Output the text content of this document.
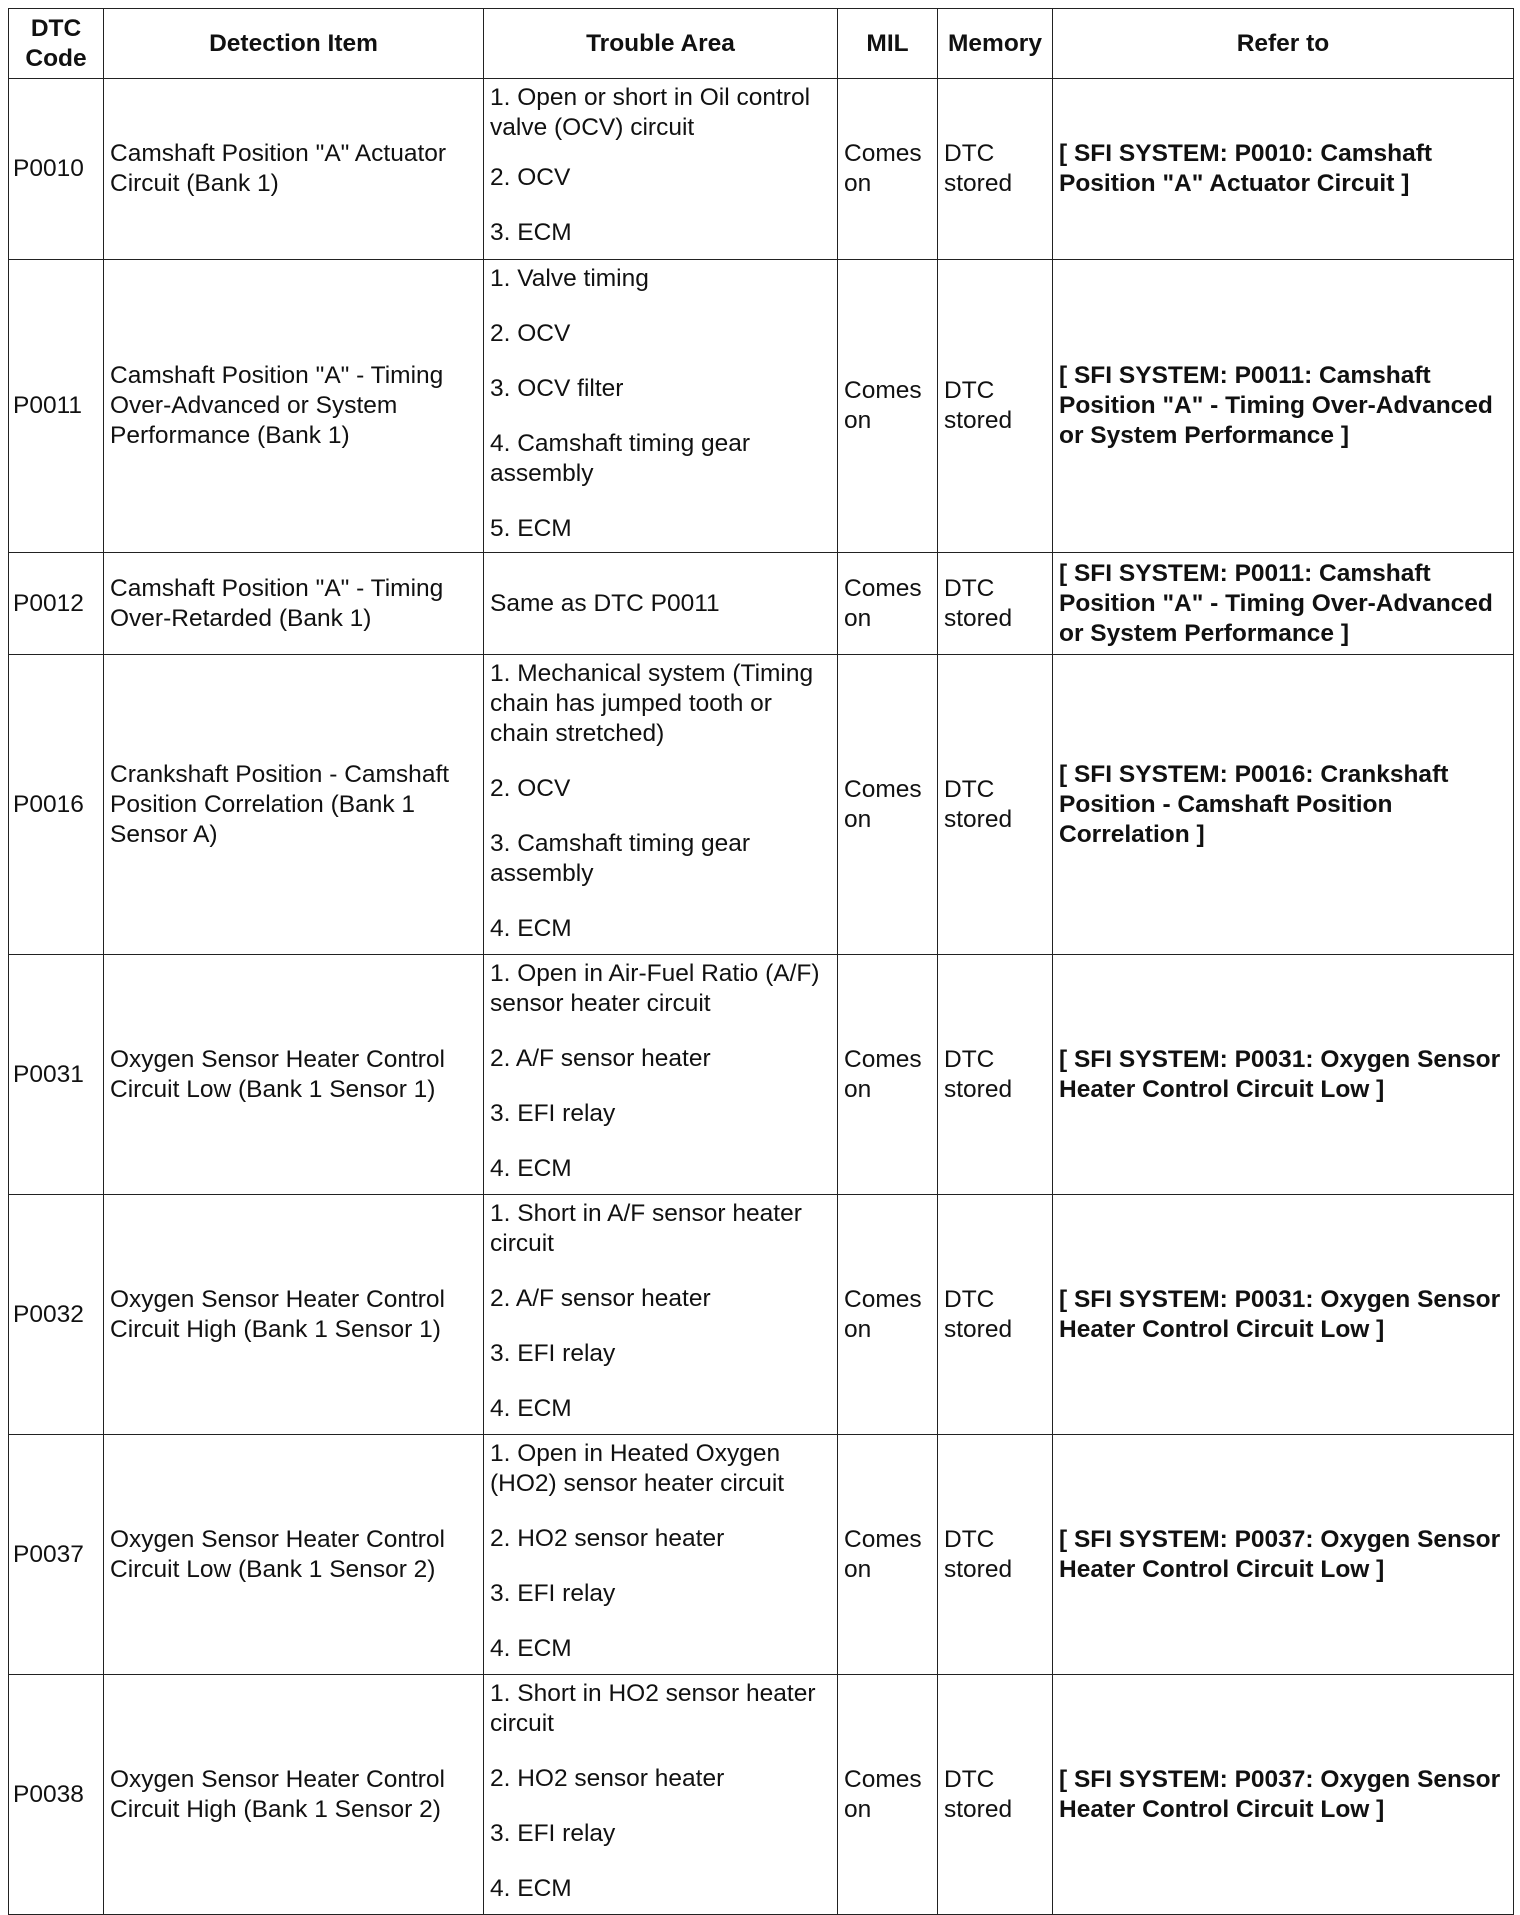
DTC
Code	Detection Item	Trouble Area	MIL	Memory	Refer to
P0010	Camshaft Position "A" Actuator Circuit (Bank 1)	1. Open or short in Oil control valve (OCV) circuit
2. OCV
3. ECM	Comes on	DTC stored	[ SFI SYSTEM: P0010: Camshaft Position "A" Actuator Circuit ]
P0011	Camshaft Position "A" - Timing Over-Advanced or System Performance (Bank 1)	1. Valve timing
2. OCV
3. OCV filter
4. Camshaft timing gear assembly
5. ECM	Comes on	DTC stored	[ SFI SYSTEM: P0011: Camshaft Position "A" - Timing Over-Advanced or System Performance ]
P0012	Camshaft Position "A" - Timing Over-Retarded (Bank 1)	Same as DTC P0011	Comes on	DTC stored	[ SFI SYSTEM: P0011: Camshaft Position "A" - Timing Over-Advanced or System Performance ]
P0016	Crankshaft Position - Camshaft Position Correlation (Bank 1 Sensor A)	1. Mechanical system (Timing chain has jumped tooth or chain stretched)
2. OCV
3. Camshaft timing gear assembly
4. ECM	Comes on	DTC stored	[ SFI SYSTEM: P0016: Crankshaft Position - Camshaft Position Correlation ]
P0031	Oxygen Sensor Heater Control Circuit Low (Bank 1 Sensor 1)	1. Open in Air-Fuel Ratio (A/F) sensor heater circuit
2. A/F sensor heater
3. EFI relay
4. ECM	Comes on	DTC stored	[ SFI SYSTEM: P0031: Oxygen Sensor Heater Control Circuit Low ]
P0032	Oxygen Sensor Heater Control Circuit High (Bank 1 Sensor 1)	1. Short in A/F sensor heater circuit
2. A/F sensor heater
3. EFI relay
4. ECM	Comes on	DTC stored	[ SFI SYSTEM: P0031: Oxygen Sensor Heater Control Circuit Low ]
P0037	Oxygen Sensor Heater Control Circuit Low (Bank 1 Sensor 2)	1. Open in Heated Oxygen (HO2) sensor heater circuit
2. HO2 sensor heater
3. EFI relay
4. ECM	Comes on	DTC stored	[ SFI SYSTEM: P0037: Oxygen Sensor Heater Control Circuit Low ]
P0038	Oxygen Sensor Heater Control Circuit High (Bank 1 Sensor 2)	1. Short in HO2 sensor heater circuit
2. HO2 sensor heater
3. EFI relay
4. ECM	Comes on	DTC stored	[ SFI SYSTEM: P0037: Oxygen Sensor Heater Control Circuit Low ]
